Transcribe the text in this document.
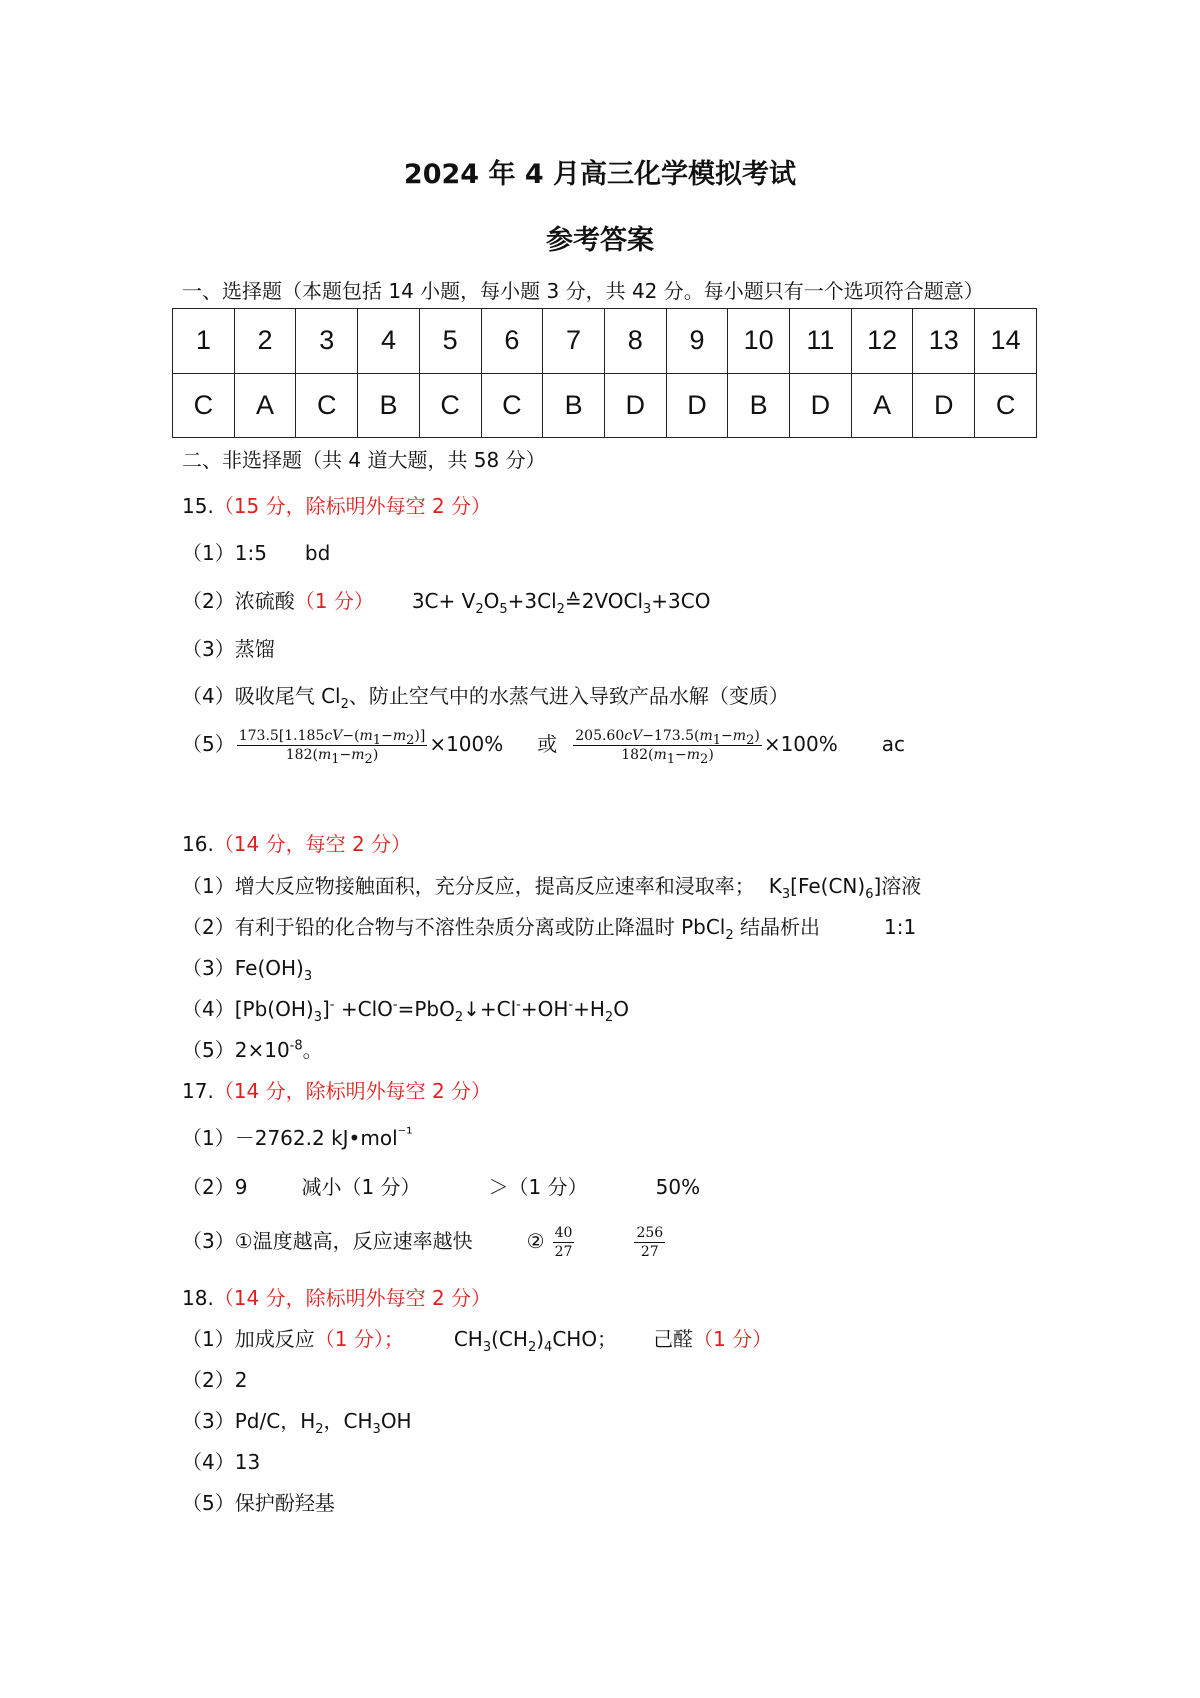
2024 年 4 月高三化学模拟考试
参考答案
一、选择题（本题包括 14 小题，每小题 3 分，共 42 分。每小题只有一个选项符合题意）
1	2	3	4	5	6	7	8	9	10	11	12	13	14
C	A	C	B	C	C	B	D	D	B	D	A	D	C
二、非选择题（共 4 道大题，共 58 分）
15.（15 分，除标明外每空 2 分）
（1）1:5 bd
（2）浓硫酸（1 分） $3C+ V_2O_5+3Cl_2≙2VOCl_3+3CO$
（3）蒸馏
（4）吸收尾气 $Cl_2$、防止空气中的水蒸气进入导致产品水解（变质）
$(5) \frac{173.5[1.185cV-(m_1-m_2)]}{182(m_1-m_2)} \times 100\%$ 或 $\frac{205.60cV-173.5(m_1-m_2)}{182(m_1-m_2)} \times 100\%$ ac
16.（14 分，每空 2 分）
（1）增大反应物接触面积，充分反应，提高反应速率和浸取率； $K_3[Fe(CN)_6]$溶液
（2）有利于铅的化合物与不溶性杂质分离或防止降温时 PbCl$_2$ 结晶析出	1:1
$(3)Fe(OH)_3$
$(4)[Pb(OH)_3]^-$ $+ClO^-=PbO_2↓+Cl^-+OH^-+H_2O$
$(5)2\times 10^{-8}$。
17.（14 分，除标明外每空 2 分）
（1）－2762.2 kJ•mol$^{^{-1}}$
（2）9	减小（1 分）	＞（1 分）	50%
（3）①温度越高，反应速率越快	② $\frac{40}{27}$	$\frac{256}{27}$
18.（14 分，除标明外每空 2 分）
（1）加成反应（1 分）；	$CH_3(CH_2)_4CHO$； 己醛（1 分）
（2）2
（3）Pd/C，$H_2$，$CH_3OH$
（4）13
（5）保护酚羟基
